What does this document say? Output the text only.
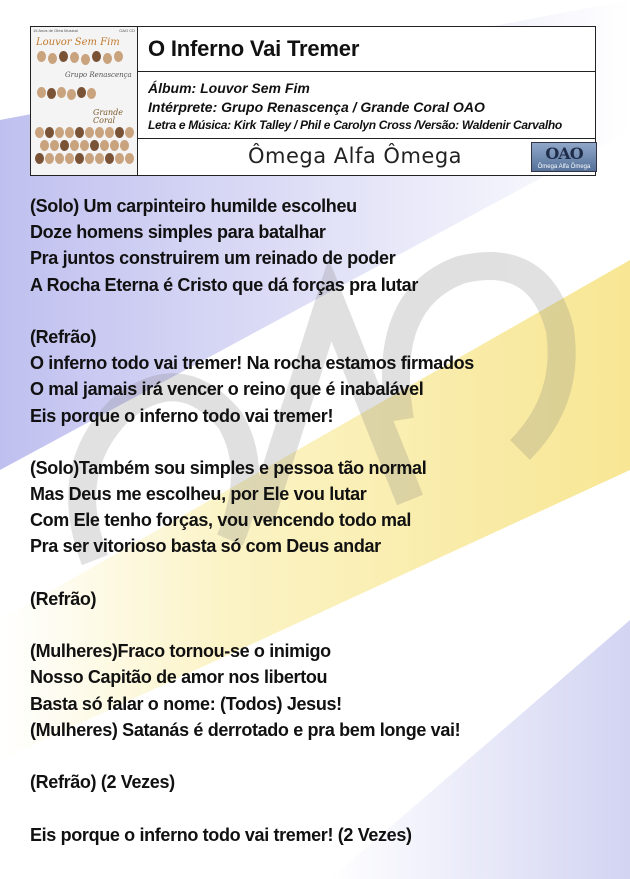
15 Anos de Obra Musical	OAO CD
Louvor Sem Fim
Grupo Renascença
Grande Coral
O Inferno Vai Tremer
Álbum: Louvor Sem Fim
Intérprete: Grupo Renascença / Grande Coral OAO
Letra e Música: Kirk Talley / Phil e Carolyn Cross /Versão: Waldenir Carvalho
Ômega Alfa Ômega	OAO
Ômega Alfa Ômega
(Solo) Um carpinteiro humilde escolheu
Doze homens simples para batalhar
Pra juntos construirem um reinado de poder
A Rocha Eterna é Cristo que dá forças pra lutar
(Refrão)
O inferno todo vai tremer! Na rocha estamos firmados
O mal jamais irá vencer o reino que é inabalável
Eis porque o inferno todo vai tremer!
(Solo)Também sou simples e pessoa tão normal
Mas Deus me escolheu, por Ele vou lutar
Com Ele tenho forças, vou vencendo todo mal
Pra ser vitorioso basta só com Deus andar
(Refrão)
(Mulheres)Fraco tornou-se o inimigo
Nosso Capitão de amor nos libertou
Basta só falar o nome: (Todos) Jesus!
(Mulheres) Satanás é derrotado e pra bem longe vai!
(Refrão) (2 Vezes)
Eis porque o inferno todo vai tremer! (2 Vezes)
